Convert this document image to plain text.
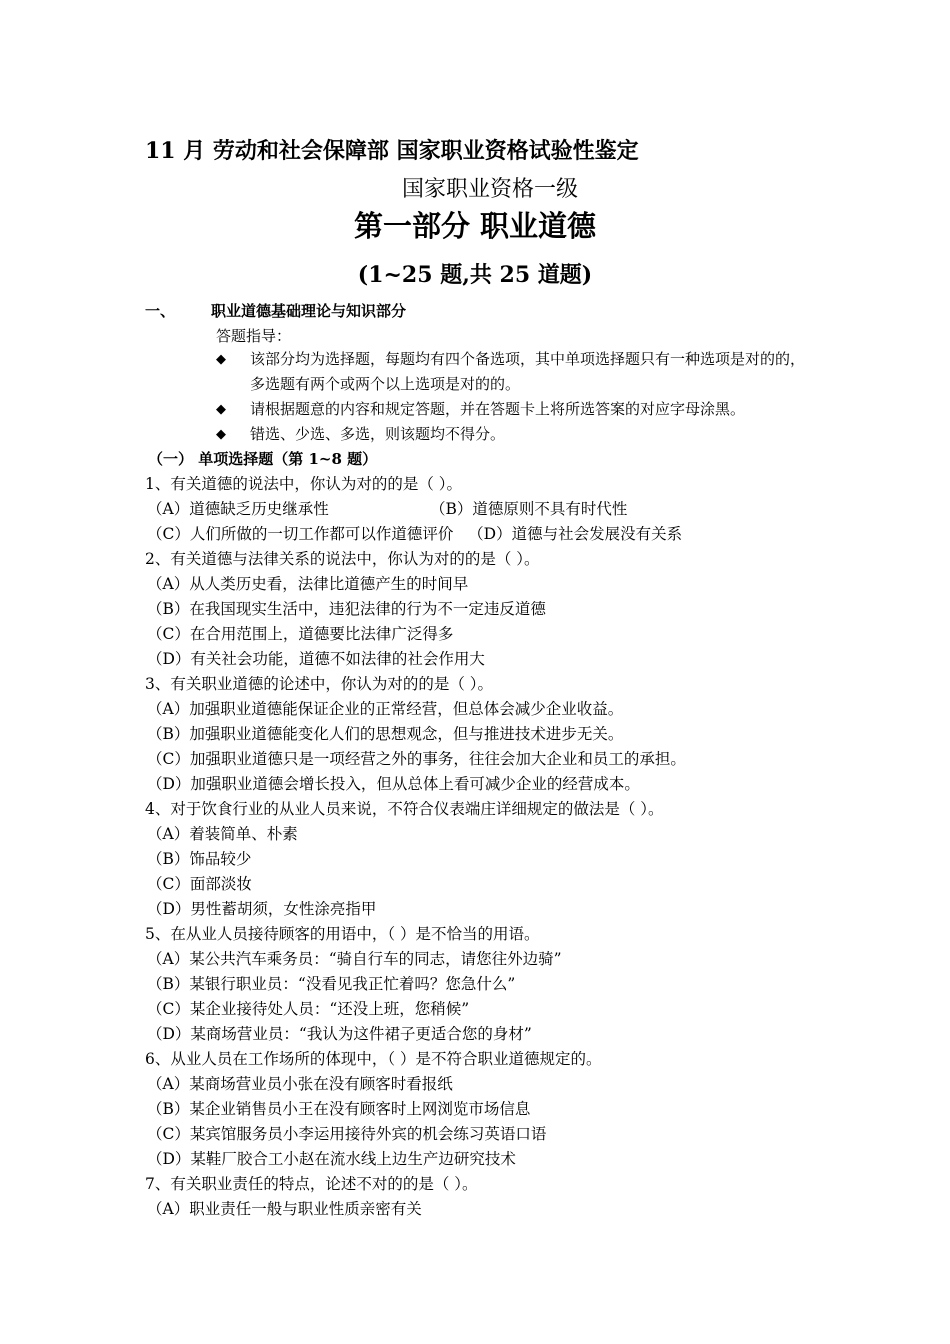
11 月 劳动和社会保障部 国家职业资格试验性鉴定
国家职业资格一级
第一部分 职业道德
(1~25 题,共 25 道题)
一、 职业道德基础理论与知识部分
答题指导：
◆ 该部分均为选择题，每题均有四个备选项，其中单项选择题只有一种选项是对的的，多选题有两个或两个以上选项是对的的。
◆ 请根据题意的内容和规定答题，并在答题卡上将所选答案的对应字母涂黑。
◆ 错选、少选、多选，则该题均不得分。
（一） 单项选择题（第 1~8 题）
1、有关道德的说法中，你认为对的的是（ ）。
（A）道德缺乏历史继承性	（B）道德原则不具有时代性
（C）人们所做的一切工作都可以作道德评价 （D）道德与社会发展没有关系
2、有关道德与法律关系的说法中，你认为对的的是（ ）。
（A）从人类历史看，法律比道德产生的时间早
（B）在我国现实生活中，违犯法律的行为不一定违反道德
（C）在合用范围上，道德要比法律广泛得多
（D）有关社会功能，道德不如法律的社会作用大
3、有关职业道德的论述中，你认为对的的是（ ）。
（A）加强职业道德能保证企业的正常经营，但总体会减少企业收益。
（B）加强职业道德能变化人们的思想观念，但与推进技术进步无关。
（C）加强职业道德只是一项经营之外的事务，往往会加大企业和员工的承担。
（D）加强职业道德会增长投入，但从总体上看可减少企业的经营成本。
4、对于饮食行业的从业人员来说，不符合仪表端庄详细规定的做法是（ ）。
（A）着装简单、朴素
（B）饰品较少
（C）面部淡妆
（D）男性蓄胡须，女性涂亮指甲
5、在从业人员接待顾客的用语中，（ ）是不恰当的用语。
（A）某公共汽车乘务员：“骑自行车的同志，请您往外边骑”
（B）某银行职业员：“没看见我正忙着吗？您急什么”
（C）某企业接待处人员：“还没上班，您稍候”
（D）某商场营业员：“我认为这件裙子更适合您的身材”
6、从业人员在工作场所的体现中，（ ）是不符合职业道德规定的。
（A）某商场营业员小张在没有顾客时看报纸
（B）某企业销售员小王在没有顾客时上网浏览市场信息
（C）某宾馆服务员小李运用接待外宾的机会练习英语口语
（D）某鞋厂胶合工小赵在流水线上边生产边研究技术
7、有关职业责任的特点，论述不对的的是（ ）。
（A）职业责任一般与职业性质亲密有关
